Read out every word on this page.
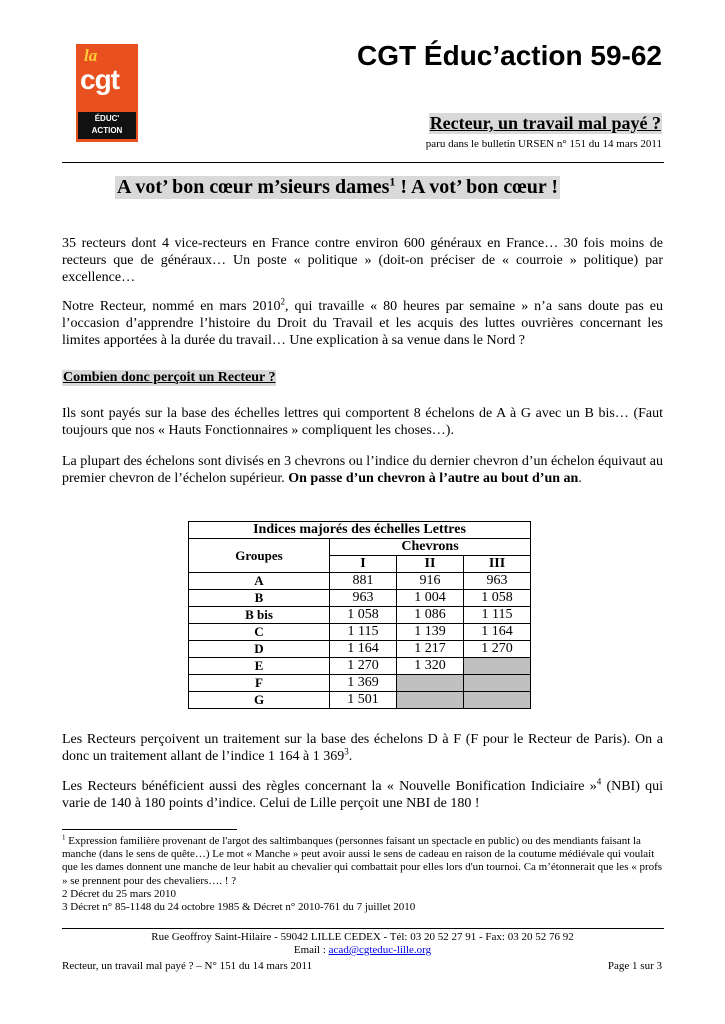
la
cgt
ÉDUC'
ACTION
CGT Éduc’action 59-62
Recteur, un travail mal payé ?
paru dans le bulletin URSEN n° 151 du 14 mars 2011
A vot’ bon cœur m’sieurs dames$^1$ ! A vot’ bon cœur !

35 recteurs dont 4 vice-recteurs en France contre environ 600 généraux en France… 30 fois moins de recteurs que de généraux… Un poste « politique » (doit-on préciser de « courroie » politique) par excellence…

Notre Recteur, nommé en mars 2010$^2$, qui travaille « 80 heures par semaine » n’a sans doute pas eu l’occasion d’apprendre l’histoire du Droit du Travail et les acquis des luttes ouvrières concernant les limites apportées à la durée du travail… Une explication à sa venue dans le Nord ?

Combien donc perçoit un Recteur ?

Ils sont payés sur la base des échelles lettres qui comportent 8 échelons de A à G avec un B bis… (Faut toujours que nos « Hauts Fonctionnaires » compliquent les choses…).

La plupart des échelons sont divisés en 3 chevrons ou l’indice du dernier chevron d’un échelon équivaut au premier chevron de l’échelon supérieur. On passe d’un chevron à l’autre au bout d’un an.

Indices majorés des échelles Lettres			
Groupes	Chevrons		
	I	II	III
A	881	916	963
B	963	1 004	1 058
B bis	1 058	1 086	1 115
C	1 115	1 139	1 164
D	1 164	1 217	1 270
E	1 270	1 320	
F	1 369		
G	1 501		

Les Recteurs perçoivent un traitement sur la base des échelons D à F (F pour le Recteur de Paris). On a donc un traitement allant de l’indice 1 164 à 1 $369^3$.

Les Recteurs bénéficient aussi des règles concernant la « Nouvelle Bonification Indiciaire »$^4$ (NBI) qui varie de 140 à 180 points d’indice. Celui de Lille perçoit une NBI de 180 !

$^1$ Expression familière provenant de l'argot des saltimbanques (personnes faisant un spectacle en public) ou des mendiants faisant la manche (dans le sens de quête…) Le mot « Manche » peut avoir aussi le sens de cadeau en raison de la coutume médiévale qui voulait que les dames donnent une manche de leur habit au chevalier qui combattait pour elles lors d'un tournoi. Ca m’étonnerait que les « profs » se prennent pour des chevaliers…. ! ?

2 Décret du 25 mars 2010

3 Décret n° 85-1148 du 24 octobre 1985 & Décret n° 2010-761 du 7 juillet 2010

Rue Geoffroy Saint-Hilaire - 59042 LILLE CEDEX - Tél: 03 20 52 27 91 - Fax: 03 20 52 76 92
Email : acad@cgteduc-lille.org
Recteur, un travail mal payé ? – N° 151 du 14 mars 2011	Page 1 sur 3
